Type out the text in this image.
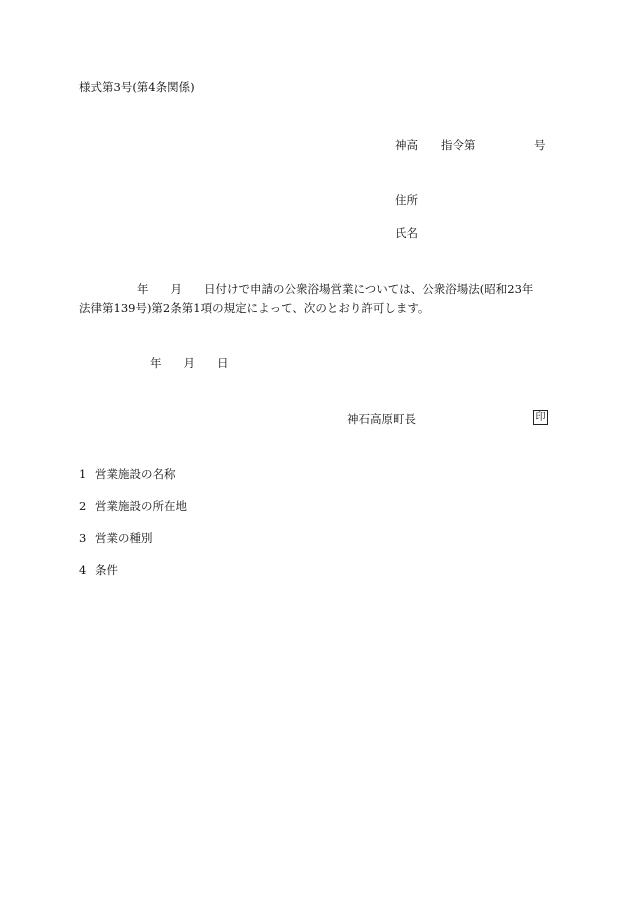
様式第3号(第4条関係)
神高 指令第	号
住所
氏名
年 月 日付けで申請の公衆浴場営業については、公衆浴場法(昭和23年
法律第139号)第2条第1項の規定によって、次のとおり許可します。
年 月 日
神石高原町長	印
1 営業施設の名称
2 営業施設の所在地
3 営業の種別
4 条件
